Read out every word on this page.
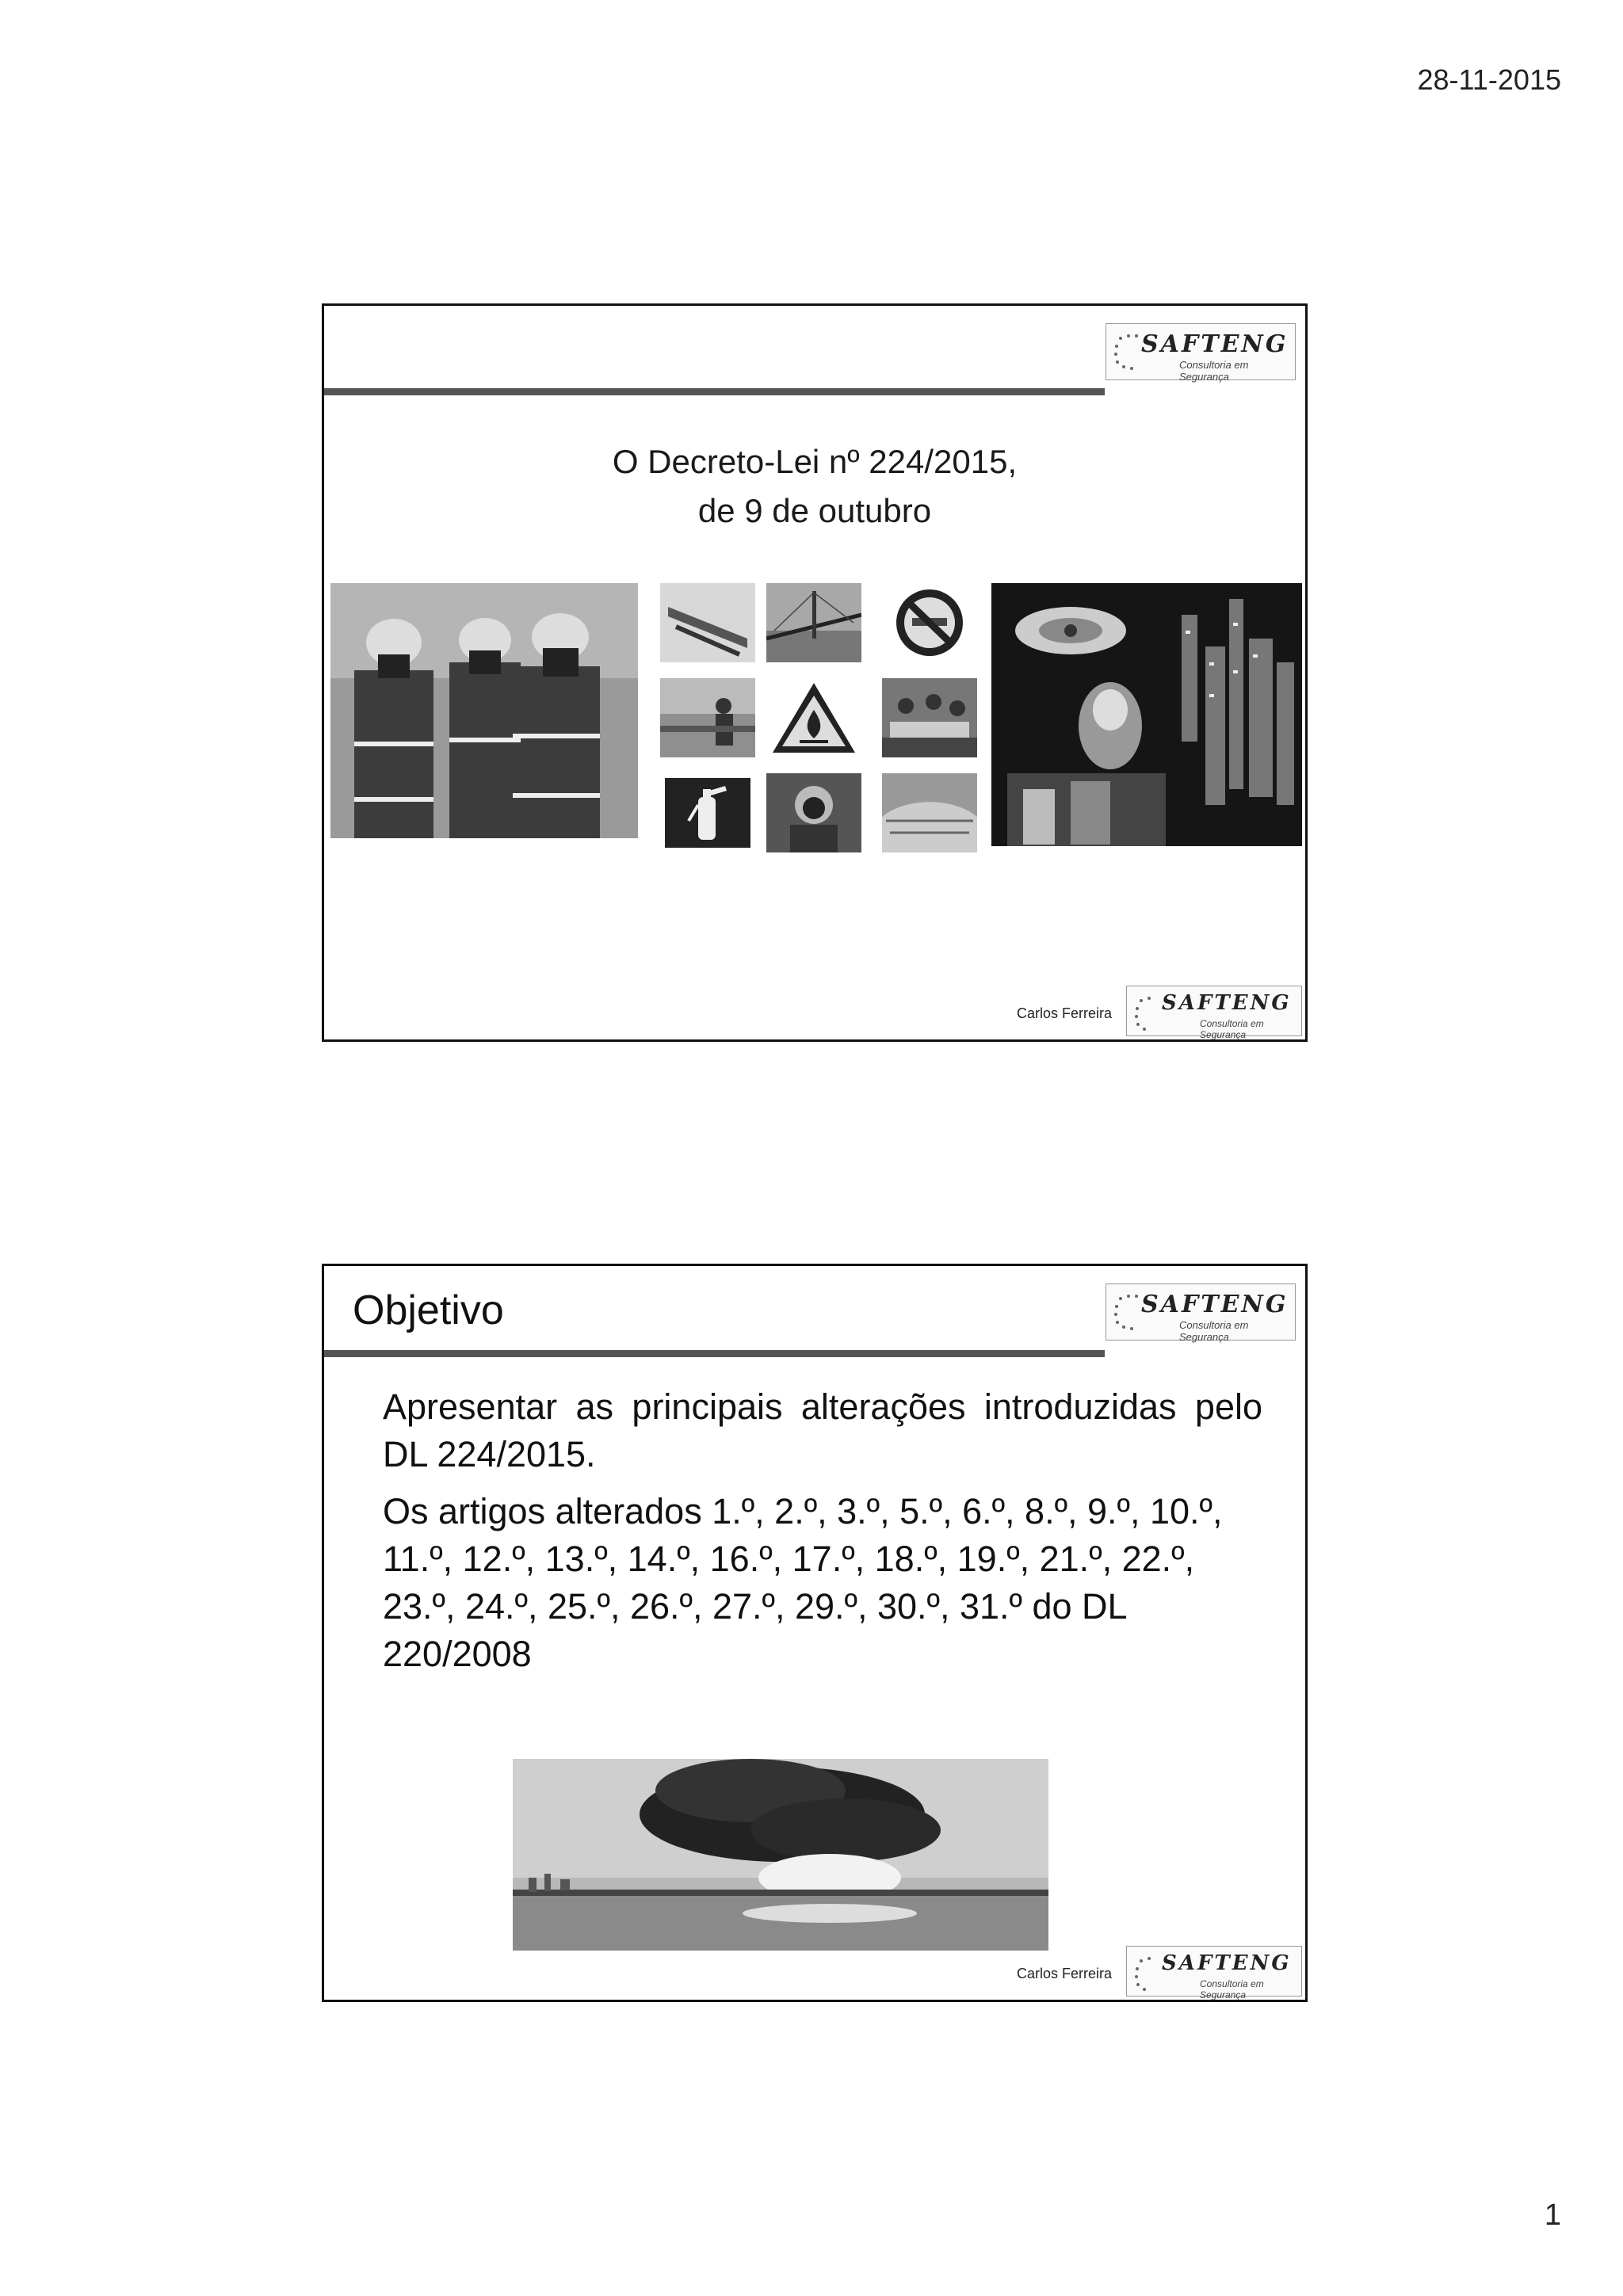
28-11-2015
SAFTENG
Consultoria em Segurança
O Decreto-Lei nº 224/2015,
de 9 de outubro
Carlos Ferreira SAFTENG
Consultoria em Segurança
Objetivo	SAFTENG
Consultoria em Segurança

Apresentar as principais alterações introduzidas pelo DL 224/2015.

Os artigos alterados 1.º, 2.º, 3.º, 5.º, 6.º, 8.º, 9.º, 10.º, 11.º, 12.º, 13.º, 14.º, 16.º, 17.º, 18.º, 19.º, 21.º, 22.º, 23.º, 24.º, 25.º, 26.º, 27.º, 29.º, 30.º, 31.º do DL 220/2008

Carlos Ferreira SAFTENG
Consultoria em Segurança
1
